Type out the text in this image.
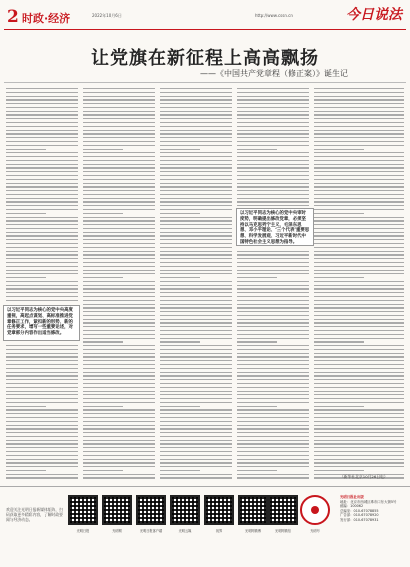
2 时政·经济	2022年10月6日	http://www.cssn.cn	今日说法
让党旗在新征程上高高飘扬
——《中国共产党章程（修正案）》诞生记
以习近平同志为核心的党中央高度重视，高起点谋划、高标准推进党章修正工作，紧扣新的形势、新的任务要求，增写一些重要论述，对党章部分内容作出适当修改。
以习近平同志为核心的党中央审时度势，明确提出修改党章，必须坚持以马克思列宁主义、毛泽东思想、邓小平理论、‘三个代表’重要思想、科学发展观、习近平新时代中国特色社会主义思想为指导。
（新华社北京10月26日电）
欢迎关注光明日报新媒体矩阵，扫码获取更多精彩内容，了解时政要闻与经济动态。
光明日报	光明网	光明日报客户端	光明云媒	视界	光明网微博	光明网微信	光明号
光明日报社出版
地址：北京市西城区珠市口东大街5号
邮编：100062
总编室：010-67078855
广告部：010-67078920
发行部：010-67078931
